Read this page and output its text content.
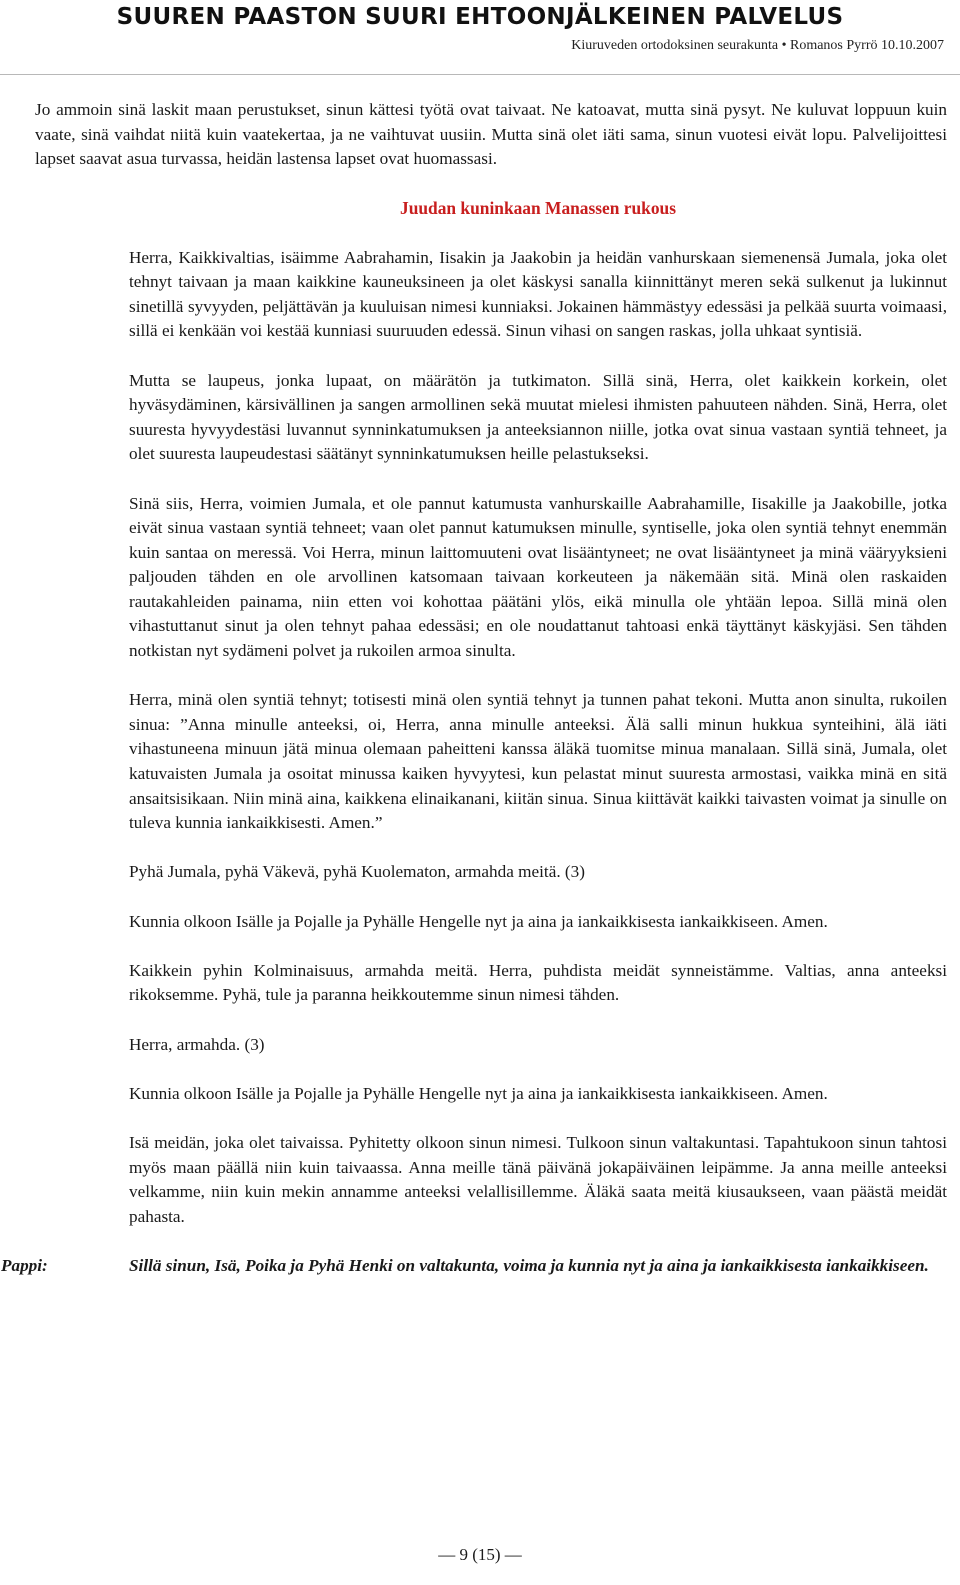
SUUREN PAASTON SUURI EHTOONJÄLKEINEN PALVELUS
Kiuruveden ortodoksinen seurakunta • Romanos Pyrrö 10.10.2007

Jo ammoin sinä laskit maan perustukset, sinun kättesi työtä ovat taivaat. Ne katoavat, mutta sinä pysyt. Ne kuluvat loppuun kuin vaate, sinä vaihdat niitä kuin vaatekertaa, ja ne vaihtuvat uusiin. Mutta sinä olet iäti sama, sinun vuotesi eivät lopu. Palvelijoittesi lapset saavat asua turvassa, heidän lastensa lapset ovat huomassasi.

Juudan kuninkaan Manassen rukous

Herra, Kaikkivaltias, isäimme Aabrahamin, Iisakin ja Jaakobin ja heidän vanhurskaan siemenensä Jumala, joka olet tehnyt taivaan ja maan kaikkine kauneuksineen ja olet käskysi sanalla kiinnittänyt meren sekä sulkenut ja lukinnut sinetillä syvyyden, peljättävän ja kuuluisan nimesi kunniaksi. Jokainen hämmästyy edessäsi ja pelkää suurta voimaasi, sillä ei kenkään voi kestää kunniasi suuruuden edessä. Sinun vihasi on sangen raskas, jolla uhkaat syntisiä.

Mutta se laupeus, jonka lupaat, on määrätön ja tutkimaton. Sillä sinä, Herra, olet kaikkein korkein, olet hyväsydäminen, kärsivällinen ja sangen armollinen sekä muutat mielesi ihmisten pahuuteen nähden. Sinä, Herra, olet suuresta hyvyydestäsi luvannut synninkatumuksen ja anteeksiannon niille, jotka ovat sinua vastaan syntiä tehneet, ja olet suuresta laupeudestasi säätänyt synninkatumuksen heille pelastukseksi.

Sinä siis, Herra, voimien Jumala, et ole pannut katumusta vanhurskaille Aabrahamille, Iisakille ja Jaakobille, jotka eivät sinua vastaan syntiä tehneet; vaan olet pannut katumuksen minulle, syntiselle, joka olen syntiä tehnyt enemmän kuin santaa on meressä. Voi Herra, minun laittomuuteni ovat lisääntyneet; ne ovat lisääntyneet ja minä vääryyksieni paljouden tähden en ole arvollinen katsomaan taivaan korkeuteen ja näkemään sitä. Minä olen raskaiden rautakahleiden painama, niin etten voi kohottaa päätäni ylös, eikä minulla ole yhtään lepoa. Sillä minä olen vihastuttanut sinut ja olen tehnyt pahaa edessäsi; en ole noudattanut tahtoasi enkä täyttänyt käskyjäsi. Sen tähden notkistan nyt sydämeni polvet ja rukoilen armoa sinulta.

Herra, minä olen syntiä tehnyt; totisesti minä olen syntiä tehnyt ja tunnen pahat tekoni. Mutta anon sinulta, rukoilen sinua: ”Anna minulle anteeksi, oi, Herra, anna minulle anteeksi. Älä salli minun hukkua synteihini, älä iäti vihastuneena minuun jätä minua olemaan paheitteni kanssa äläkä tuomitse minua manalaan. Sillä sinä, Jumala, olet katuvaisten Jumala ja osoitat minussa kaiken hyvyytesi, kun pelastat minut suuresta armostasi, vaikka minä en sitä ansaitsisikaan. Niin minä aina, kaikkena elinaikanani, kiitän sinua. Sinua kiittävät kaikki taivasten voimat ja sinulle on tuleva kunnia iankaikkisesti. Amen.”

Pyhä Jumala, pyhä Väkevä, pyhä Kuolematon, armahda meitä. (3)

Kunnia olkoon Isälle ja Pojalle ja Pyhälle Hengelle nyt ja aina ja iankaikkisesta iankaikkiseen. Amen.

Kaikkein pyhin Kolminaisuus, armahda meitä. Herra, puhdista meidät synneistämme. Valtias, anna anteeksi rikoksemme. Pyhä, tule ja paranna heikkoutemme sinun nimesi tähden.

Herra, armahda. (3)

Kunnia olkoon Isälle ja Pojalle ja Pyhälle Hengelle nyt ja aina ja iankaikkisesta iankaikkiseen. Amen.

Isä meidän, joka olet taivaissa. Pyhitetty olkoon sinun nimesi. Tulkoon sinun valtakuntasi. Tapahtukoon sinun tahtosi myös maan päällä niin kuin taivaassa. Anna meille tänä päivänä jokapäiväinen leipämme. Ja anna meille anteeksi velkamme, niin kuin mekin annamme anteeksi velallisillemme. Äläkä saata meitä kiusaukseen, vaan päästä meidät pahasta.

Pappi:	Sillä sinun, Isä, Poika ja Pyhä Henki on valtakunta, voima ja kunnia nyt ja aina ja iankaikkisesta iankaikkiseen.
— 9 (15) —
